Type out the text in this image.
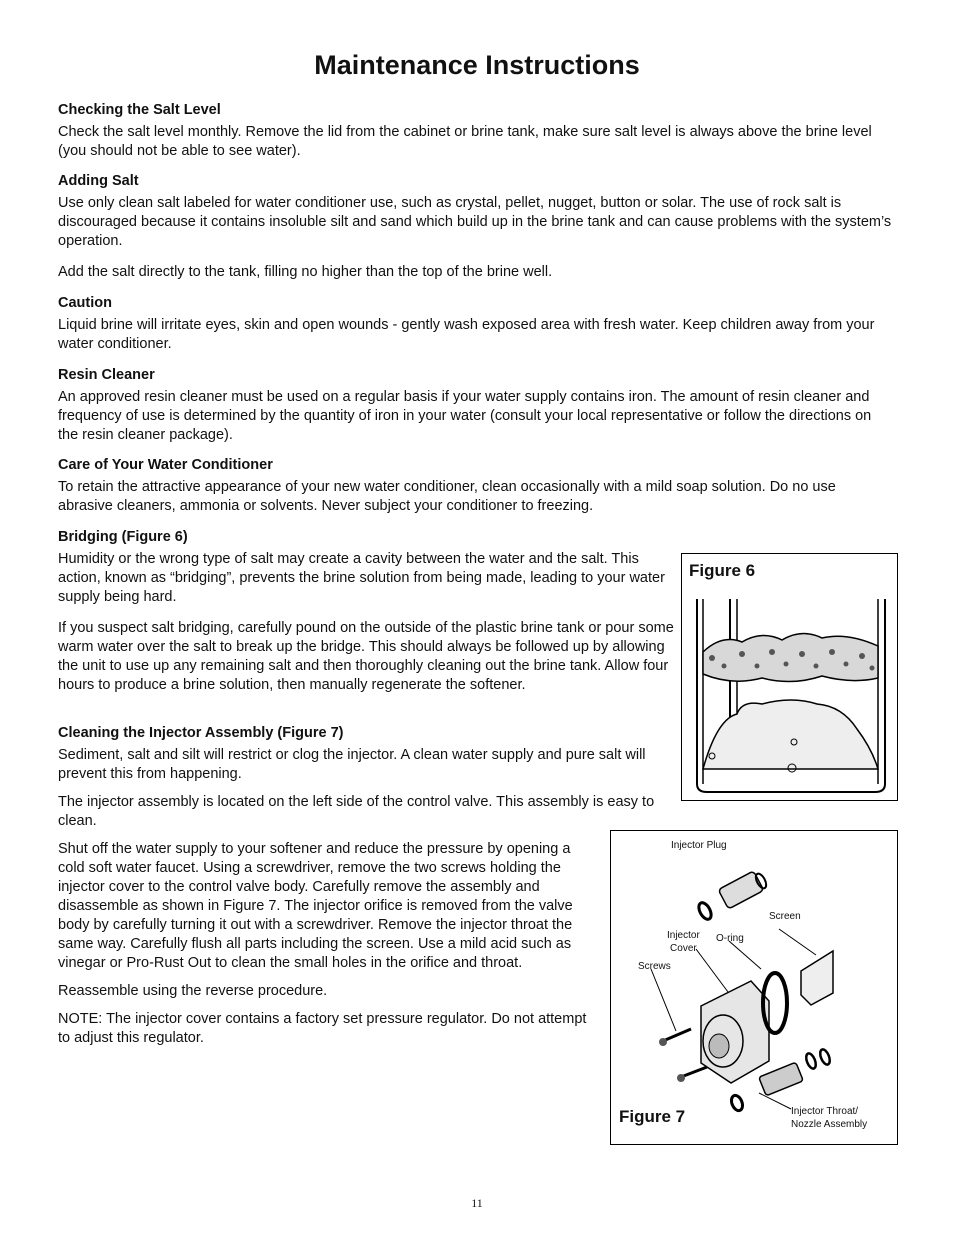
Maintenance Instructions

Checking the Salt Level

Check the salt level monthly. Remove the lid from the cabinet or brine tank, make sure salt level is always above the brine level (you should not be able to see water).

Adding Salt

Use only clean salt labeled for water conditioner use, such as crystal, pellet, nugget, button or solar. The use of rock salt is discouraged because it contains insoluble silt and sand which build up in the brine tank and can cause problems with the system’s operation.

Add the salt directly to the tank, filling no higher than the top of the brine well.

Caution

Liquid brine will irritate eyes, skin and open wounds - gently wash exposed area with fresh water. Keep children away from your water conditioner.

Resin Cleaner

An approved resin cleaner must be used on a regular basis if your water supply contains iron. The amount of resin cleaner and frequency of use is determined by the quantity of iron in your water (consult your local representative or follow the directions on the resin cleaner package).

Care of Your Water Conditioner

To retain the attractive appearance of your new water conditioner, clean occasionally with a mild soap solution. Do no use abrasive cleaners, ammonia or solvents. Never subject your conditioner to freezing.

Bridging (Figure 6)

Humidity or the wrong type of salt may create a cavity between the water and the salt. This action, known as “bridging”, prevents the brine solution from being made, leading to your water supply being hard.

If you suspect salt bridging, carefully pound on the outside of the plastic brine tank or pour some warm water over the salt to break up the bridge. This should always be followed up by allowing the unit to use up any remaining salt and then thoroughly cleaning out the brine tank. Allow four hours to produce a brine solution, then manually regenerate the softener.

Cleaning the Injector Assembly (Figure 7)

Sediment, salt and silt will restrict or clog the injector. A clean water supply and pure salt will prevent this from happening.

The injector assembly is located on the left side of the control valve. This assembly is easy to clean.

Shut off the water supply to your softener and reduce the pressure by opening a cold soft water faucet. Using a screwdriver, remove the two screws holding the injector cover to the control valve body. Carefully remove the assembly and disassemble as shown in Figure 7. The injector orifice is removed from the valve body by carefully turning it out with a screwdriver. Remove the injector throat the same way. Carefully flush all parts including the screen. Use a mild acid such as vinegar or Pro-Rust Out to clean the small holes in the orifice and throat.

Reassemble using the reverse procedure.

NOTE: The injector cover contains a factory set pressure regulator. Do not attempt to adjust this regulator.

Figure 6
Injector Plug
Screen
Injector
Cover
O-ring
Screws
Injector Throat/
Nozzle Assembly
Figure 7
11
